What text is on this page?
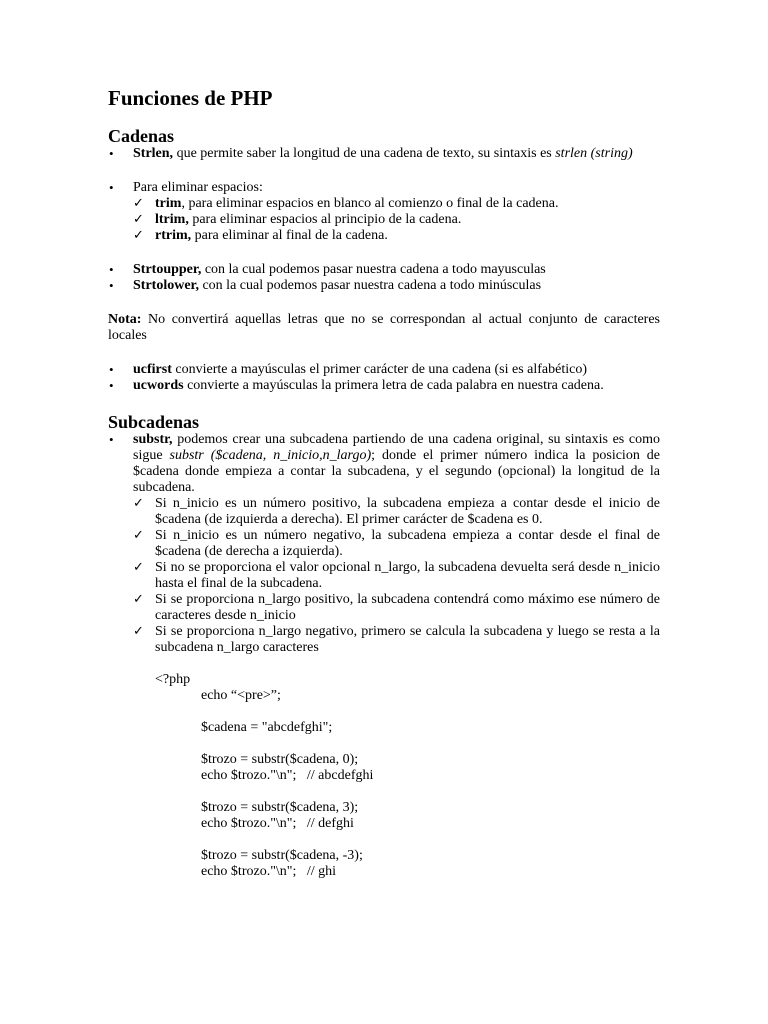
Funciones de PHP
Cadenas
• Strlen, que permite saber la longitud de una cadena de texto, su sintaxis es strlen (string)
• Para eliminar espacios:
✓ trim, para eliminar espacios en blanco al comienzo o final de la cadena.
✓ ltrim, para eliminar espacios al principio de la cadena.
✓ rtrim, para eliminar al final de la cadena.
• Strtoupper, con la cual podemos pasar nuestra cadena a todo mayusculas
• Strtolower, con la cual podemos pasar nuestra cadena a todo minúsculas

Nota: No convertirá aquellas letras que no se correspondan al actual conjunto de caracteres locales

• ucfirst convierte a mayúsculas el primer carácter de una cadena (si es alfabético)
• ucwords convierte a mayúsculas la primera letra de cada palabra en nuestra cadena.
Subcadenas
• substr, podemos crear una subcadena partiendo de una cadena original, su sintaxis es como sigue substr ($cadena, n_inicio,n_largo); donde el primer número indica la posicion de $cadena donde empieza a contar la subcadena, y el segundo (opcional) la longitud de la subcadena.
✓ Si n_inicio es un número positivo, la subcadena empieza a contar desde el inicio de $cadena (de izquierda a derecha). El primer carácter de $cadena es 0.
✓ Si n_inicio es un número negativo, la subcadena empieza a contar desde el final de $cadena (de derecha a izquierda).
✓ Si no se proporciona el valor opcional n_largo, la subcadena devuelta será desde n_inicio hasta el final de la subcadena.
✓ Si se proporciona n_largo positivo, la subcadena contendrá como máximo ese número de caracteres desde n_inicio
✓ Si se proporciona n_largo negativo, primero se calcula la subcadena y luego se resta a la subcadena n_largo caracteres
<?php
echo “<pre>”;

$cadena = "abcdefghi";

$trozo = substr($cadena, 0);
echo $trozo."\n";   // abcdefghi

$trozo = substr($cadena, 3);
echo $trozo."\n";   // defghi

$trozo = substr($cadena, -3);
echo $trozo."\n";   // ghi
